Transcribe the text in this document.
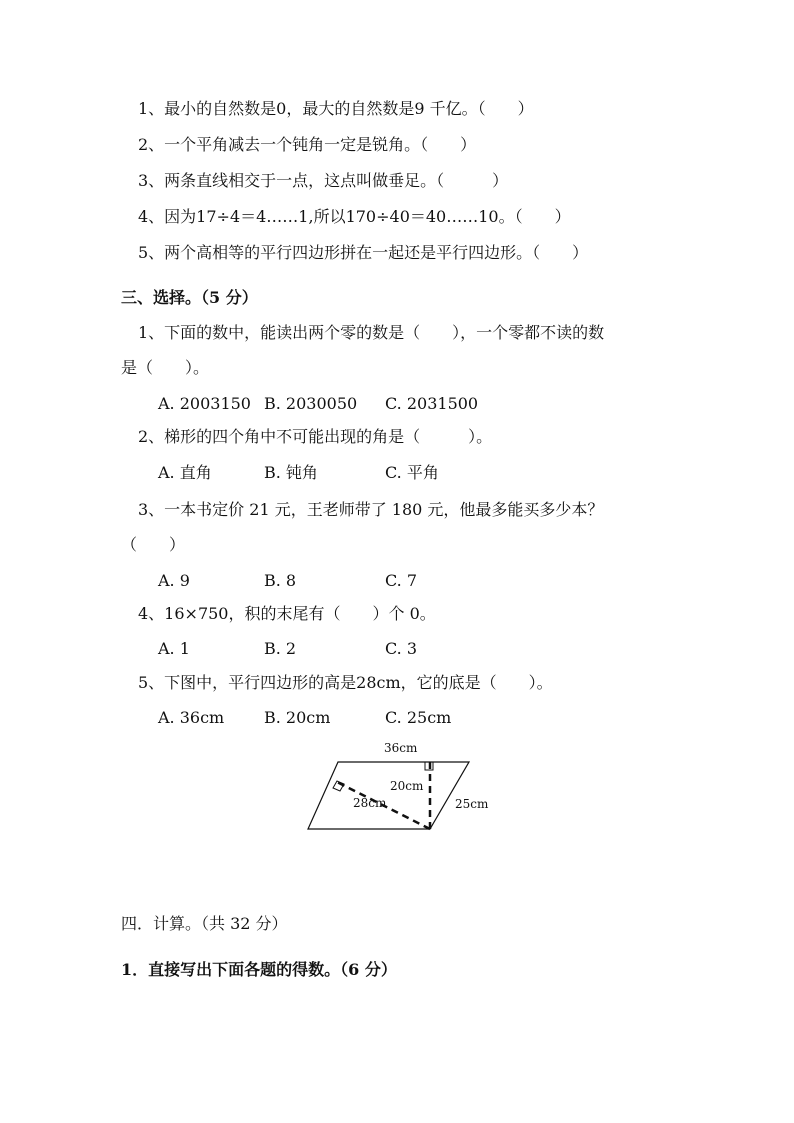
1、最小的自然数是0，最大的自然数是9 千亿。（　　）
2、一个平角减去一个钝角一定是锐角。（　　）
3、两条直线相交于一点，这点叫做垂足。（　　　）
4、因为17÷4＝4……1,所以170÷40＝40……10。（　　）
5、两个高相等的平行四边形拼在一起还是平行四边形。（　　）
三、选择。（5 分）
1、下面的数中，能读出两个零的数是（　　），一个零都不读的数
是（　　）。
A. 2003150 B. 2030050 C. 2031500
2、梯形的四个角中不可能出现的角是（　　　）。
A. 直角	B. 钝角	C. 平角
3、一本书定价 21 元，王老师带了 180 元，他最多能买多少本？
（　　）
A. 9	B. 8	C. 7
4、16×750，积的末尾有（　　）个 0。
A. 1	B. 2	C. 3
5、下图中，平行四边形的高是28cm，它的底是（　　）。
A. 36cm B. 20cm	C. 25cm
36cm
20cm
28cm	25cm
四．计算。（共 32 分）
1．直接写出下面各题的得数。（6 分）
